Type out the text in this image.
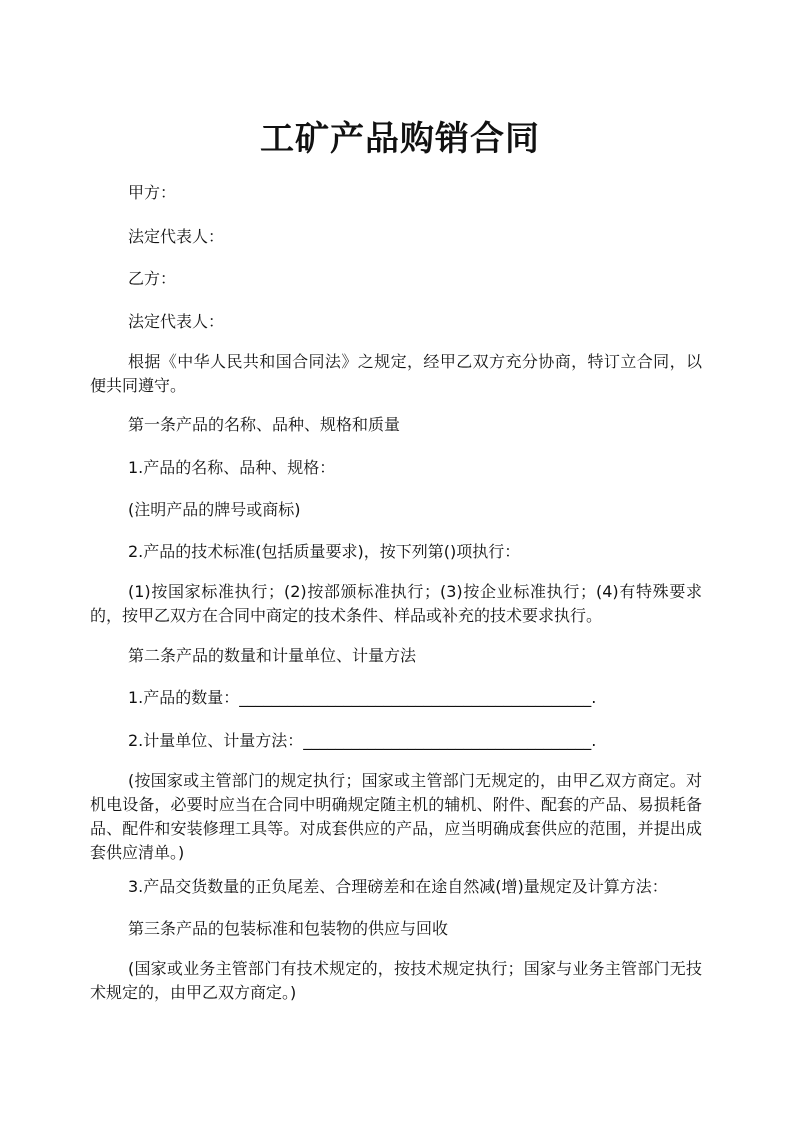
工矿产品购销合同
甲方：
法定代表人：
乙方：
法定代表人：
根据《中华人民共和国合同法》之规定，经甲乙双方充分协商，特订立合同，以便共同遵守。
第一条产品的名称、品种、规格和质量
1.产品的名称、品种、规格：
(注明产品的牌号或商标)
2.产品的技术标准(包括质量要求)，按下列第()项执行：
(1)按国家标准执行；(2)按部颁标准执行；(3)按企业标准执行；(4)有特殊要求的，按甲乙双方在合同中商定的技术条件、样品或补充的技术要求执行。
第二条产品的数量和计量单位、计量方法
1.产品的数量：____________________________________________.
2.计量单位、计量方法：____________________________________.
(按国家或主管部门的规定执行；国家或主管部门无规定的，由甲乙双方商定。对机电设备，必要时应当在合同中明确规定随主机的辅机、附件、配套的产品、易损耗备品、配件和安装修理工具等。对成套供应的产品，应当明确成套供应的范围，并提出成套供应清单。)
3.产品交货数量的正负尾差、合理磅差和在途自然减(增)量规定及计算方法：
第三条产品的包装标准和包装物的供应与回收
(国家或业务主管部门有技术规定的，按技术规定执行；国家与业务主管部门无技术规定的，由甲乙双方商定。)
